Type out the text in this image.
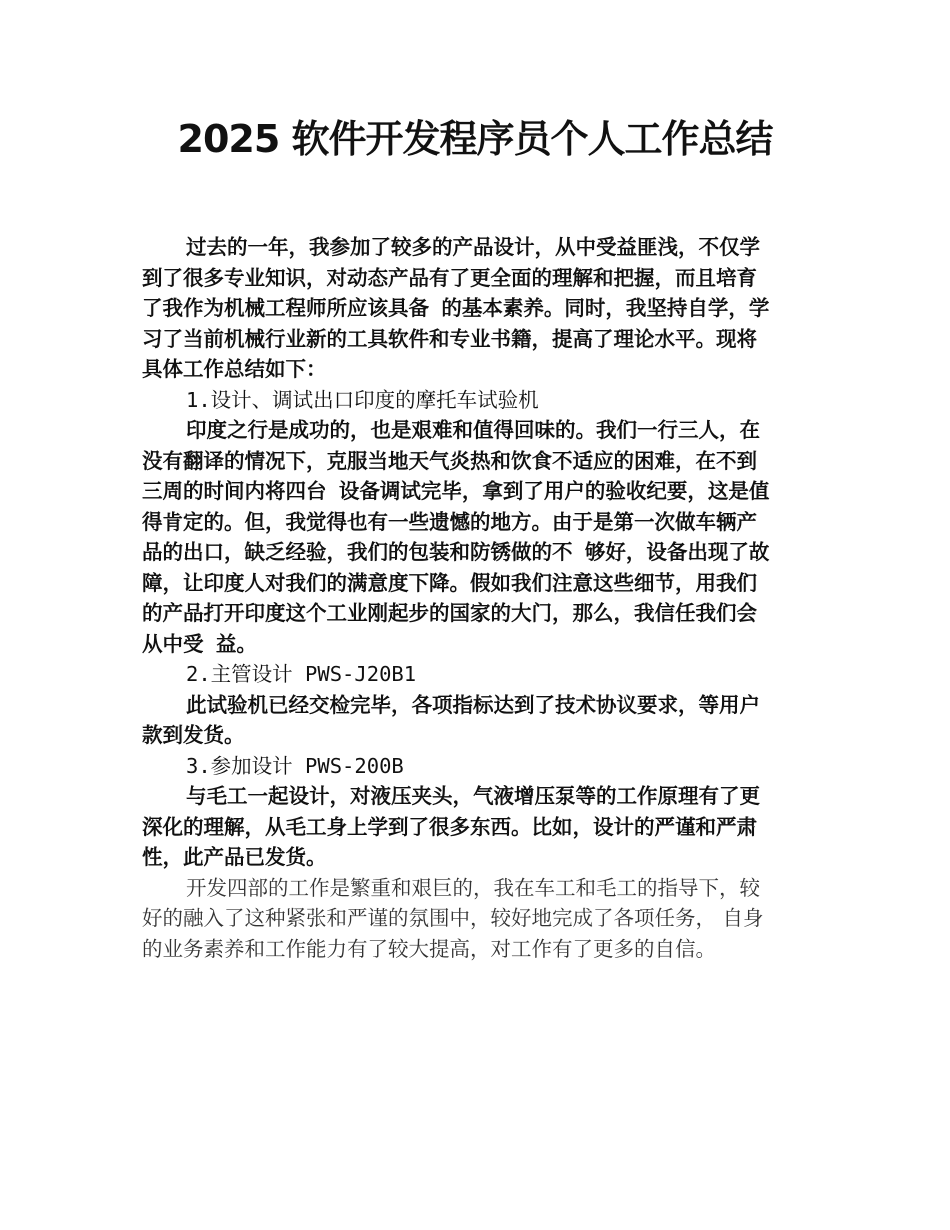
2025 软件开发程序员个人工作总结
过去的一年，我参加了较多的产品设计，从中受益匪浅，不仅学
到了很多专业知识，对动态产品有了更全面的理解和把握，而且培育
了我作为机械工程师所应该具备 的基本素养。同时，我坚持自学，学
习了当前机械行业新的工具软件和专业书籍，提高了理论水平。现将
具体工作总结如下：
1.设计、调试出口印度的摩托车试验机
印度之行是成功的，也是艰难和值得回味的。我们一行三人，在
没有翻译的情况下，克服当地天气炎热和饮食不适应的困难，在不到
三周的时间内将四台 设备调试完毕，拿到了用户的验收纪要，这是值
得肯定的。但，我觉得也有一些遗憾的地方。由于是第一次做车辆产
品的出口，缺乏经验，我们的包装和防锈做的不 够好，设备出现了故
障，让印度人对我们的满意度下降。假如我们注意这些细节，用我们
的产品打开印度这个工业刚起步的国家的大门，那么，我信任我们会
从中受 益。
2.主管设计 PWS-J20B1
此试验机已经交检完毕，各项指标达到了技术协议要求，等用户
款到发货。
3.参加设计 PWS-200B
与毛工一起设计，对液压夹头，气液增压泵等的工作原理有了更
深化的理解，从毛工身上学到了很多东西。比如，设计的严谨和严肃
性，此产品已发货。
开发四部的工作是繁重和艰巨的，我在车工和毛工的指导下，较
好的融入了这种紧张和严谨的氛围中，较好地完成了各项任务， 自身
的业务素养和工作能力有了较大提高，对工作有了更多的自信。
